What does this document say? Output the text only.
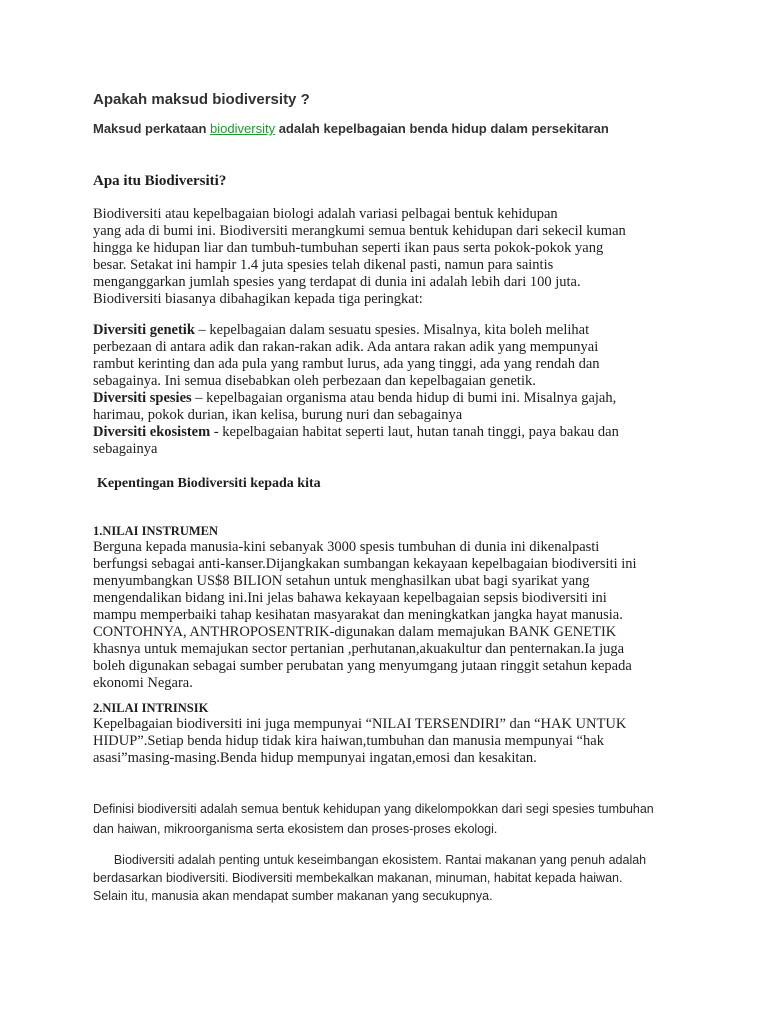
Apakah maksud biodiversity ?
Maksud perkataan biodiversity adalah kepelbagaian benda hidup dalam persekitaran
Apa itu Biodiversiti?
Biodiversiti atau kepelbagaian biologi adalah variasi pelbagai bentuk kehidupan
yang ada di bumi ini. Biodiversiti merangkumi semua bentuk kehidupan dari sekecil kuman
hingga ke hidupan liar dan tumbuh-tumbuhan seperti ikan paus serta pokok-pokok yang
besar. Setakat ini hampir 1.4 juta spesies telah dikenal pasti, namun para saintis
menganggarkan jumlah spesies yang terdapat di dunia ini adalah lebih dari 100 juta.
Biodiversiti biasanya dibahagikan kepada tiga peringkat:
Diversiti genetik – kepelbagaian dalam sesuatu spesies. Misalnya, kita boleh melihat
perbezaan di antara adik dan rakan-rakan adik. Ada antara rakan adik yang mempunyai
rambut kerinting dan ada pula yang rambut lurus, ada yang tinggi, ada yang rendah dan
sebagainya. Ini semua disebabkan oleh perbezaan dan kepelbagaian genetik.
Diversiti spesies – kepelbagaian organisma atau benda hidup di bumi ini. Misalnya gajah,
harimau, pokok durian, ikan kelisa, burung nuri dan sebagainya
Diversiti ekosistem - kepelbagaian habitat seperti laut, hutan tanah tinggi, paya bakau dan
sebagainya
Kepentingan Biodiversiti kepada kita
1.NILAI INSTRUMEN
Berguna kepada manusia-kini sebanyak 3000 spesis tumbuhan di dunia ini dikenalpasti
berfungsi sebagai anti-kanser.Dijangkakan sumbangan kekayaan kepelbagaian biodiversiti ini
menyumbangkan US$8 BILION setahun untuk menghasilkan ubat bagi syarikat yang
mengendalikan bidang ini.Ini jelas bahawa kekayaan kepelbagaian sepsis biodiversiti ini
mampu memperbaiki tahap kesihatan masyarakat dan meningkatkan jangka hayat manusia.
CONTOHNYA, ANTHROPOSENTRIK-digunakan dalam memajukan BANK GENETIK
khasnya untuk memajukan sector pertanian ,perhutanan,akuakultur dan penternakan.Ia juga
boleh digunakan sebagai sumber perubatan yang menyumgang jutaan ringgit setahun kepada
ekonomi Negara.
2.NILAI INTRINSIK
Kepelbagaian biodiversiti ini juga mempunyai “NILAI TERSENDIRI” dan “HAK UNTUK
HIDUP”.Setiap benda hidup tidak kira haiwan,tumbuhan dan manusia mempunyai “hak
asasi”masing-masing.Benda hidup mempunyai ingatan,emosi dan kesakitan.
Definisi biodiversiti adalah semua bentuk kehidupan yang dikelompokkan dari segi spesies tumbuhan
dan haiwan, mikroorganisma serta ekosistem dan proses-proses ekologi.
Biodiversiti adalah penting untuk keseimbangan ekosistem. Rantai makanan yang penuh adalah
berdasarkan biodiversiti. Biodiversiti membekalkan makanan, minuman, habitat kepada haiwan.
Selain itu, manusia akan mendapat sumber makanan yang secukupnya.
